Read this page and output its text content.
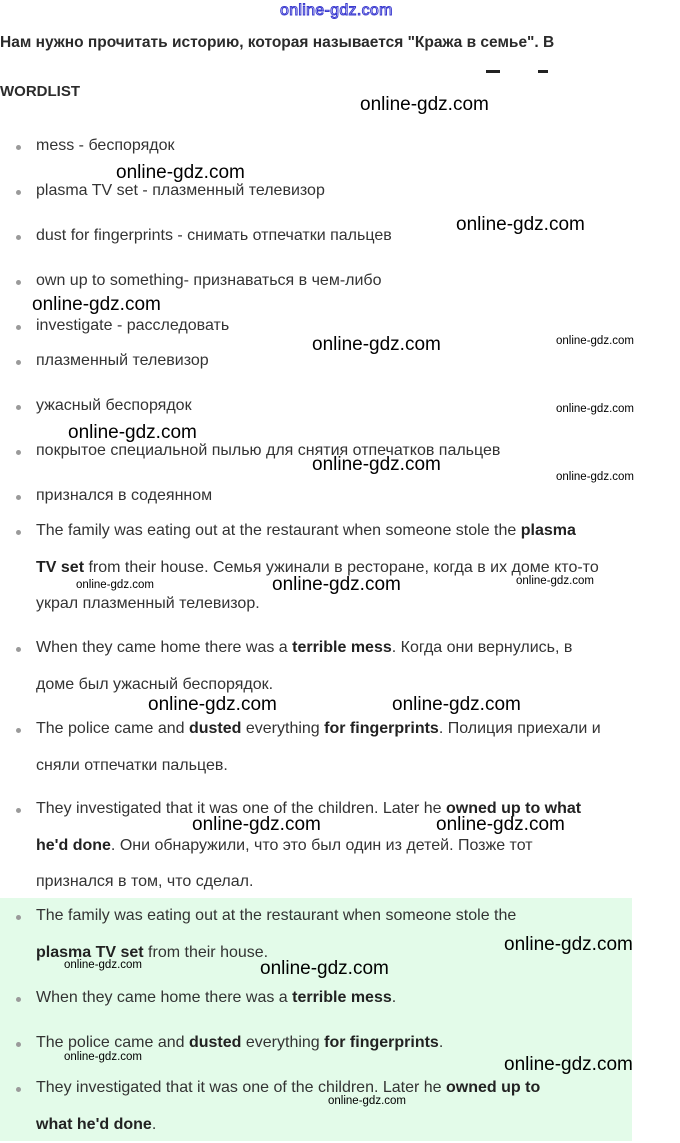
online-gdz.com
Нам нужно прочитать историю, которая называется "Кража в семье". В
WORDLIST
mess - беспорядок
plasma TV set - плазменный телевизор
dust for fingerprints - снимать отпечатки пальцев
own up to something- признаваться в чем-либо
investigate - расследовать
плазменный телевизор
ужасный беспорядок
покрытое специальной пылью для снятия отпечатков пальцев
признался в содеянном
The family was eating out at the restaurant when someone stole the plasma
TV set from their house. Семья ужинали в ресторане, когда в их доме кто-то
украл плазменный телевизор.
When they came home there was a terrible mess. Когда они вернулись, в
доме был ужасный беспорядок.
The police came and dusted everything for fingerprints. Полиция приехали и
сняли отпечатки пальцев.
They investigated that it was one of the children. Later he owned up to what
he'd done. Они обнаружили, что это был один из детей. Позже тот
признался в том, что сделал.
The family was eating out at the restaurant when someone stole the
plasma TV set from their house.
When they came home there was a terrible mess.
The police came and dusted everything for fingerprints.
They investigated that it was one of the children. Later he owned up to
what he'd done.
online-gdz.com
online-gdz.com
online-gdz.com
online-gdz.com
online-gdz.com	online-gdz.com
online-gdz.com
online-gdz.com
online-gdz.com
online-gdz.com
online-gdz.com	online-gdz.com	online-gdz.com
online-gdz.com	online-gdz.com
online-gdz.com	online-gdz.com
online-gdz.com
online-gdz.com	online-gdz.com
online-gdz.com	online-gdz.com
online-gdz.com
